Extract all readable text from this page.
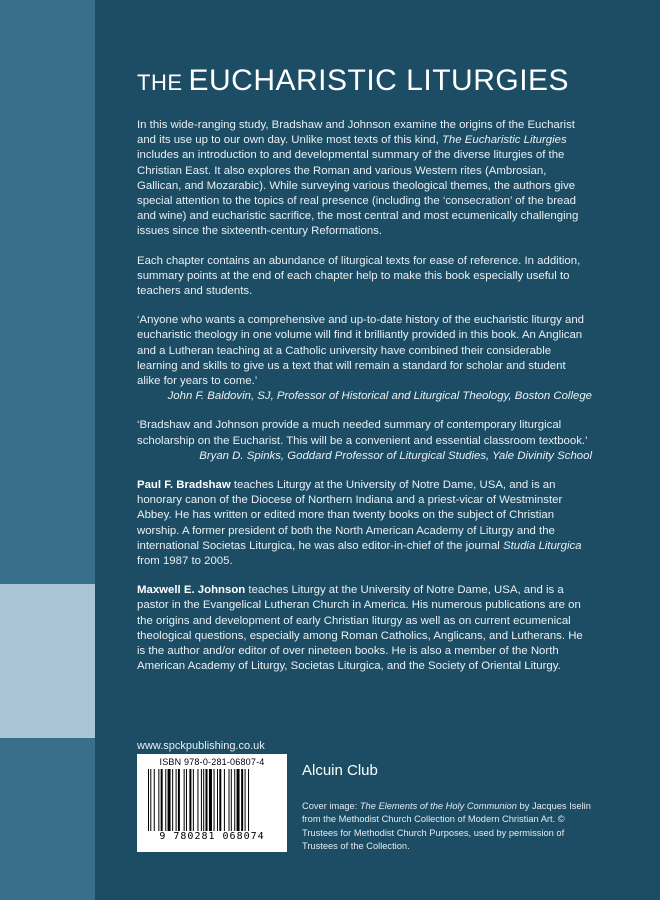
THE EUCHARISTIC LITURGIES

In this wide-ranging study, Bradshaw and Johnson examine the origins of the Eucharist and its use up to our own day. Unlike most texts of this kind, The Eucharistic Liturgies includes an introduction to and developmental summary of the diverse liturgies of the Christian East. It also explores the Roman and various Western rites (Ambrosian, Gallican, and Mozarabic). While surveying various theological themes, the authors give special attention to the topics of real presence (including the ‘consecration’ of the bread and wine) and eucharistic sacrifice, the most central and most ecumenically challenging issues since the sixteenth-century Reformations.

Each chapter contains an abundance of liturgical texts for ease of reference. In addition, summary points at the end of each chapter help to make this book especially useful to teachers and students.

‘Anyone who wants a comprehensive and up-to-date history of the eucharistic liturgy and eucharistic theology in one volume will find it brilliantly provided in this book. An Anglican and a Lutheran teaching at a Catholic university have combined their considerable learning and skills to give us a text that will remain a standard for scholar and student alike for years to come.’
John F. Baldovin, SJ, Professor of Historical and Liturgical Theology, Boston College

‘Bradshaw and Johnson provide a much needed summary of contemporary liturgical scholarship on the Eucharist. This will be a convenient and essential classroom textbook.’
Bryan D. Spinks, Goddard Professor of Liturgical Studies, Yale Divinity School

Paul F. Bradshaw teaches Liturgy at the University of Notre Dame, USA, and is an honorary canon of the Diocese of Northern Indiana and a priest-vicar of Westminster Abbey. He has written or edited more than twenty books on the subject of Christian worship. A former president of both the North American Academy of Liturgy and the international Societas Liturgica, he was also editor-in-chief of the journal Studia Liturgica from 1987 to 2005.

Maxwell E. Johnson teaches Liturgy at the University of Notre Dame, USA, and is a pastor in the Evangelical Lutheran Church in America. His numerous publications are on the origins and development of early Christian liturgy as well as on current ecumenical theological questions, especially among Roman Catholics, Anglicans, and Lutherans. He is the author and/or editor of over nineteen books. He is also a member of the North American Academy of Liturgy, Societas Liturgica, and the Society of Oriental Liturgy.

www.spckpublishing.co.uk
ISBN 978-0-281-06807-4
9 780281 068074
Alcuin Club
Cover image: The Elements of the Holy Communion by Jacques Iselin from the Methodist Church Collection of Modern Christian Art. © Trustees for Methodist Church Purposes, used by permission of Trustees of the Collection.
